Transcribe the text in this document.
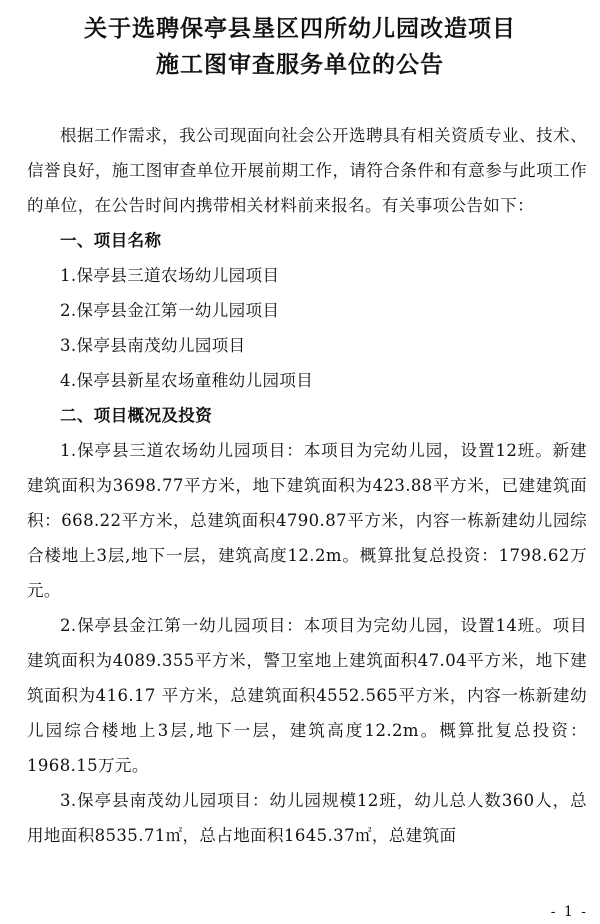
关于选聘保亭县垦区四所幼儿园改造项目
施工图审查服务单位的公告

根据工作需求，我公司现面向社会公开选聘具有相关资质专业、技术、信誉良好，施工图审查单位开展前期工作，请符合条件和有意参与此项工作的单位，在公告时间内携带相关材料前来报名。有关事项公告如下：

一、项目名称

1.保亭县三道农场幼儿园项目

2.保亭县金江第一幼儿园项目

3.保亭县南茂幼儿园项目

4.保亭县新星农场童稚幼儿园项目

二、项目概况及投资

1.保亭县三道农场幼儿园项目：本项目为完幼儿园，设置12班。新建建筑面积为3698.77平方米，地下建筑面积为423.88平方米，已建建筑面积：668.22平方米，总建筑面积4790.87平方米，内容一栋新建幼儿园综合楼地上3层,地下一层，建筑高度12.2m。概算批复总投资：1798.62万元。

2.保亭县金江第一幼儿园项目：本项目为完幼儿园，设置14班。项目建筑面积为4089.355平方米，警卫室地上建筑面积47.04平方米，地下建筑面积为416.17 平方米，总建筑面积4552.565平方米，内容一栋新建幼儿园综合楼地上3层,地下一层，建筑高度12.2m。概算批复总投资：1968.15万元。

3.保亭县南茂幼儿园项目：幼儿园规模12班，幼儿总人数360人，总用地面积8535.71㎡，总占地面积1645.37㎡，总建筑面

- 1 -
